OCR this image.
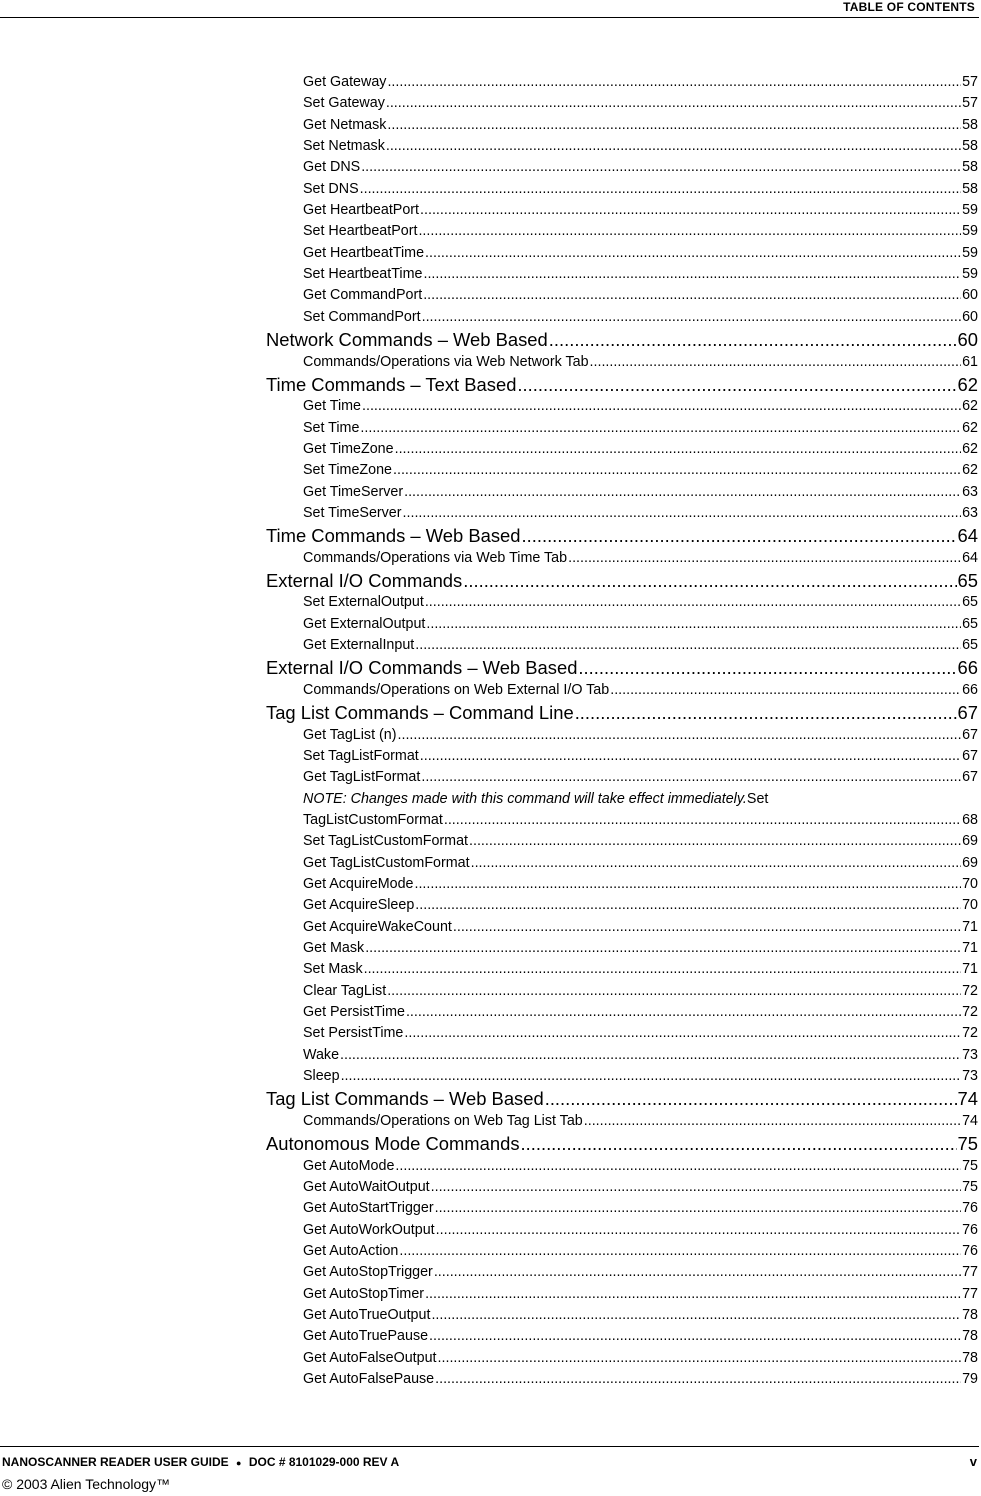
TABLE OF CONTENTS
Get Gateway .....	57
Set Gateway .....	57
Get Netmask .....	58
Set Netmask .....	58
Get DNS .....	58
Set DNS .....	58
Get HeartbeatPort .....	59
Set HeartbeatPort .....	59
Get HeartbeatTime .....	59
Set HeartbeatTime .....	59
Get CommandPort .....	60
Set CommandPort .....	60
Network Commands – Web Based .....	60
Commands/Operations via Web Network Tab .....	61
Time Commands – Text Based .....	62
Get Time .....	62
Set Time .....	62
Get TimeZone .....	62
Set TimeZone .....	62
Get TimeServer .....	63
Set TimeServer .....	63
Time Commands – Web Based .....	64
Commands/Operations via Web Time Tab .....	64
External I/O Commands .....	65
Set ExternalOutput .....	65
Get ExternalOutput .....	65
Get ExternalInput .....	65
External I/O Commands – Web Based .....	66
Commands/Operations on Web External I/O Tab .....	66
Tag List Commands – Command Line .....	67
Get TagList (n) .....	67
Set TagListFormat .....	67
Get TagListFormat .....	67
NOTE: Changes made with this command will take effect immediately.Set
TagListCustomFormat .....	68
Set TagListCustomFormat .....	69
Get TagListCustomFormat .....	69
Get AcquireMode .....	70
Get AcquireSleep .....	70
Get AcquireWakeCount .....	71
Get Mask .....	71
Set Mask .....	71
Clear TagList .....	72
Get PersistTime .....	72
Set PersistTime .....	72
Wake .....	73
Sleep .....	73
Tag List Commands – Web Based .....	74
Commands/Operations on Web Tag List Tab .....	74
Autonomous Mode Commands .....	75
Get AutoMode .....	75
Get AutoWaitOutput .....	75
Get AutoStartTrigger .....	76
Get AutoWorkOutput .....	76
Get AutoAction .....	76
Get AutoStopTrigger .....	77
Get AutoStopTimer .....	77
Get AutoTrueOutput .....	78
Get AutoTruePause .....	78
Get AutoFalseOutput .....	78
Get AutoFalsePause .....	79
NANOSCANNER READER USER GUIDE ● DOC # 8101029-000 REV A	v
© 2003 Alien Technology™
